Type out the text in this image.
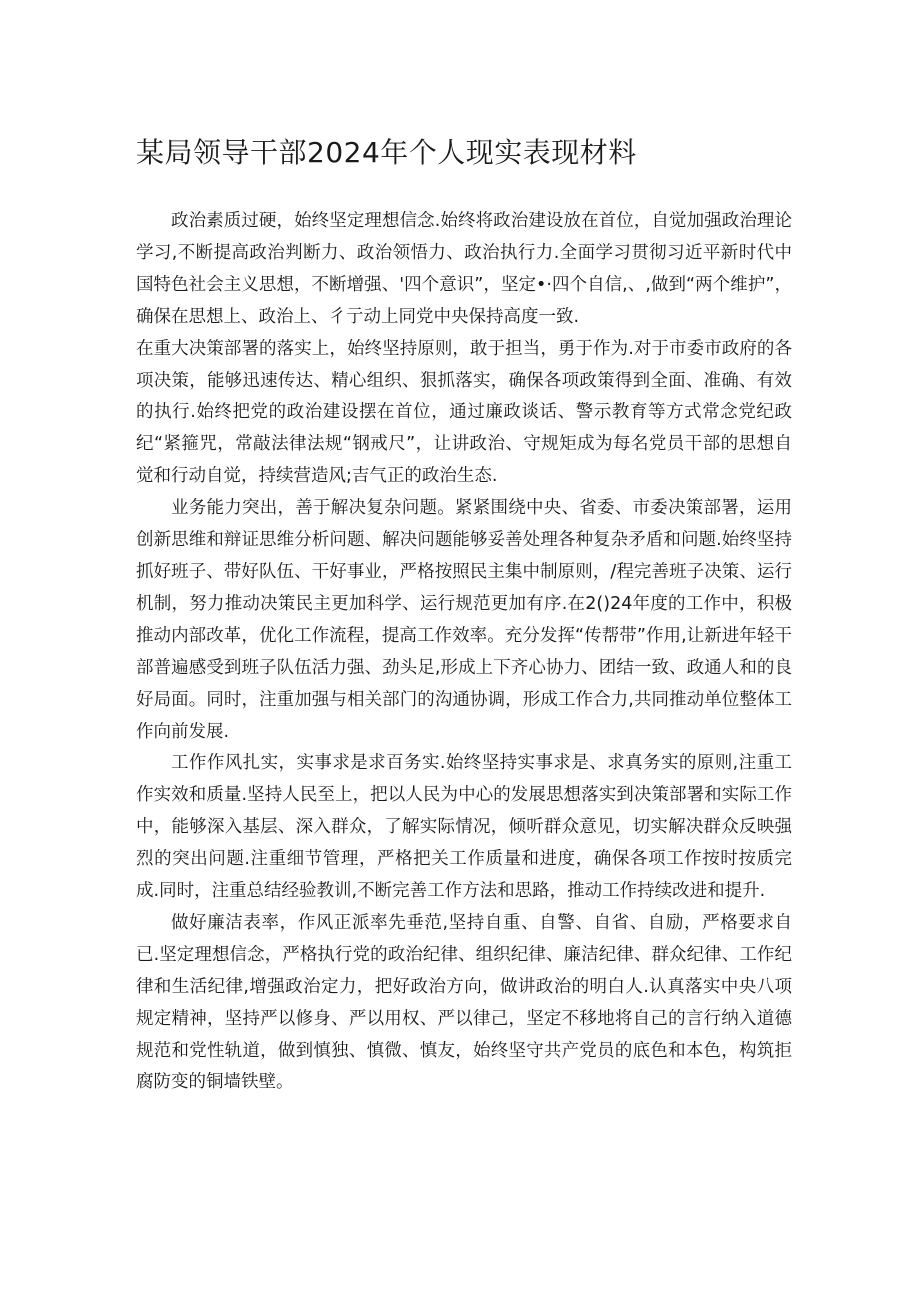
某局领导干部2024年个人现实表现材料

政治素质过硬，始终坚定理想信念.始终将政治建设放在首位，自觉加强政治理论学习,不断提高政治判断力、政治领悟力、政治执行力.全面学习贯彻习近平新时代中国特色社会主义思想，不断增强、'四个意识”，坚定•·四个自信,、,做到“两个维护”，确保在思想上、政治上、彳亍动上同党中央保持高度一致.

在重大决策部署的落实上，始终坚持原则，敢于担当，勇于作为.对于市委市政府的各项决策，能够迅速传达、精心组织、狠抓落实，确保各项政策得到全面、准确、有效的执行.始终把党的政治建设摆在首位，通过廉政谈话、警示教育等方式常念党纪政纪“紧箍咒，常敲法律法规“钢戒尺”，让讲政治、守规矩成为每名党员干部的思想自觉和行动自觉，持续营造风;吉气正的政治生态.

业务能力突出，善于解决复杂问题。紧紧围绕中央、省委、市委决策部署，运用创新思维和辩证思维分析问题、解决问题能够妥善处理各种复杂矛盾和问题.始终坚持抓好班子、带好队伍、干好事业，严格按照民主集中制原则，/程完善班子决策、运行机制，努力推动决策民主更加科学、运行规范更加有序.在2()24年度的工作中，积极推动内部改革，优化工作流程，提高工作效率。充分发挥“传帮带”作用,让新进年轻干部普遍感受到班子队伍活力强、劲头足,形成上下齐心协力、团结一致、政通人和的良好局面。同时，注重加强与相关部门的沟通协调，形成工作合力,共同推动单位整体工作向前发展.

工作作风扎实，实事求是求百务实.始终坚持实事求是、求真务实的原则,注重工作实效和质量.坚持人民至上，把以人民为中心的发展思想落实到决策部署和实际工作中，能够深入基层、深入群众，了解实际情况，倾听群众意见，切实解决群众反映强烈的突出问题.注重细节管理，严格把关工作质量和进度，确保各项工作按时按质完成.同时，注重总结经验教训,不断完善工作方法和思路，推动工作持续改进和提升.

做好廉洁表率，作风正派率先垂范,坚持自重、自警、自省、自励，严格要求自已.坚定理想信念，严格执行党的政治纪律、组织纪律、廉洁纪律、群众纪律、工作纪律和生活纪律,增强政治定力，把好政治方向，做讲政治的明白人.认真落实中央八项规定精神，坚持严以修身、严以用权、严以律己，坚定不移地将自己的言行纳入道德规范和党性轨道，做到慎独、慎微、慎友，始终坚守共产党员的底色和本色，构筑拒腐防变的铜墙铁壁。
